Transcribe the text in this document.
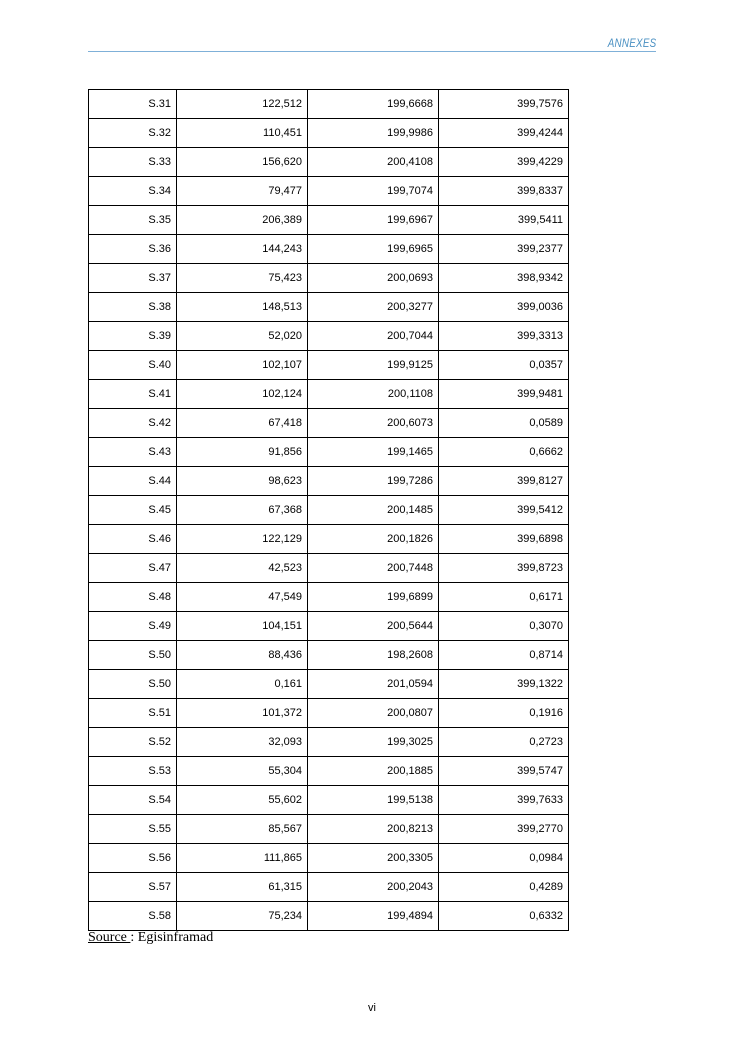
ANNEXES
S.31	122,512	199,6668	399,7576
S.32	110,451	199,9986	399,4244
S.33	156,620	200,4108	399,4229
S.34	79,477	199,7074	399,8337
S.35	206,389	199,6967	399,5411
S.36	144,243	199,6965	399,2377
S.37	75,423	200,0693	398,9342
S.38	148,513	200,3277	399,0036
S.39	52,020	200,7044	399,3313
S.40	102,107	199,9125	0,0357
S.41	102,124	200,1108	399,9481
S.42	67,418	200,6073	0,0589
S.43	91,856	199,1465	0,6662
S.44	98,623	199,7286	399,8127
S.45	67,368	200,1485	399,5412
S.46	122,129	200,1826	399,6898
S.47	42,523	200,7448	399,8723
S.48	47,549	199,6899	0,6171
S.49	104,151	200,5644	0,3070
S.50	88,436	198,2608	0,8714
S.50	0,161	201,0594	399,1322
S.51	101,372	200,0807	0,1916
S.52	32,093	199,3025	0,2723
S.53	55,304	200,1885	399,5747
S.54	55,602	199,5138	399,7633
S.55	85,567	200,8213	399,2770
S.56	111,865	200,3305	0,0984
S.57	61,315	200,2043	0,4289
S.58	75,234	199,4894	0,6332
Source : Egisinframad
vi
